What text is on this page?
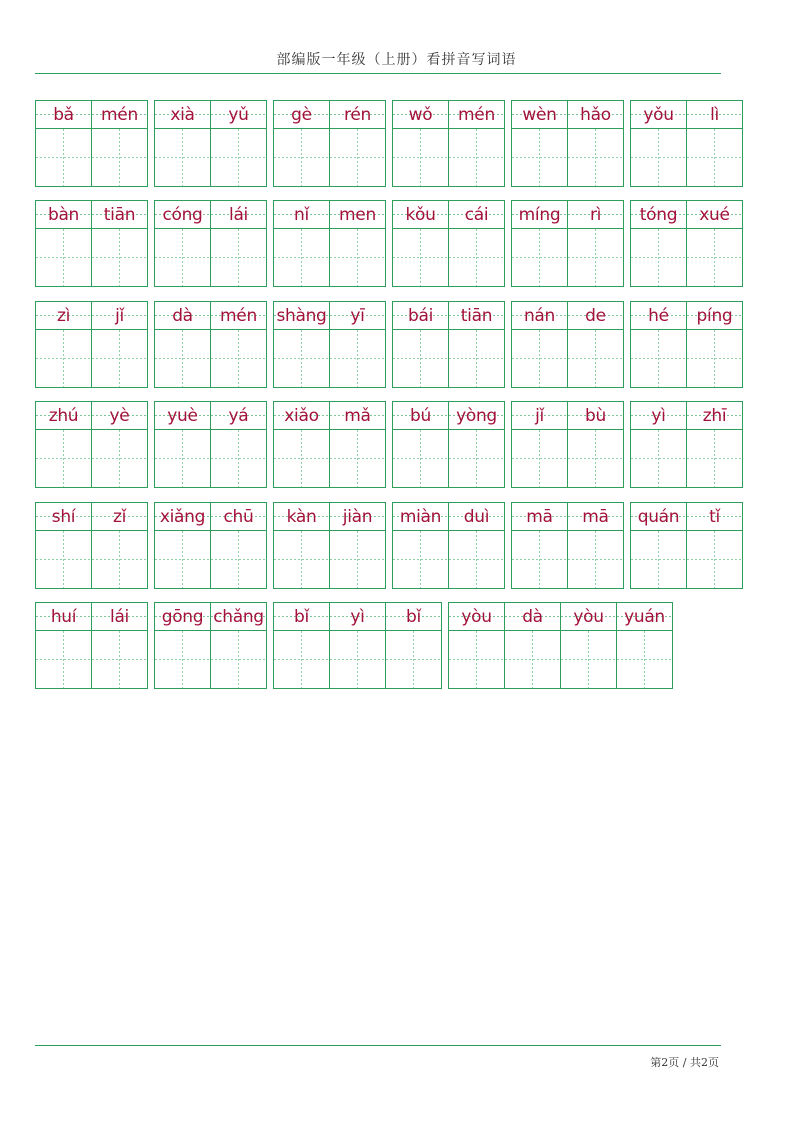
部编版一年级（上册）看拼音写词语
bǎ	mén	xià	yǔ	gè	rén	wǒ	mén	wèn	hǎo	yǒu	lì
bàn	tiān	cóng	lái	nǐ	men	kǒu	cái	míng	rì	tóng	xué
zì	jǐ	dà	mén	shàng	yī	bái	tiān	nán	de	hé	píng
zhú	yè	yuè	yá	xiǎo	mǎ	bú	yòng	jǐ	bù	yì	zhī
shí	zǐ	xiǎng	chū	kàn	jiàn	miàn	duì	mā	mā	quán	tǐ
huí	lái	gōng chǎng	bǐ	yì	bǐ	yòu	dà	yòu	yuán
第2页 / 共2页
